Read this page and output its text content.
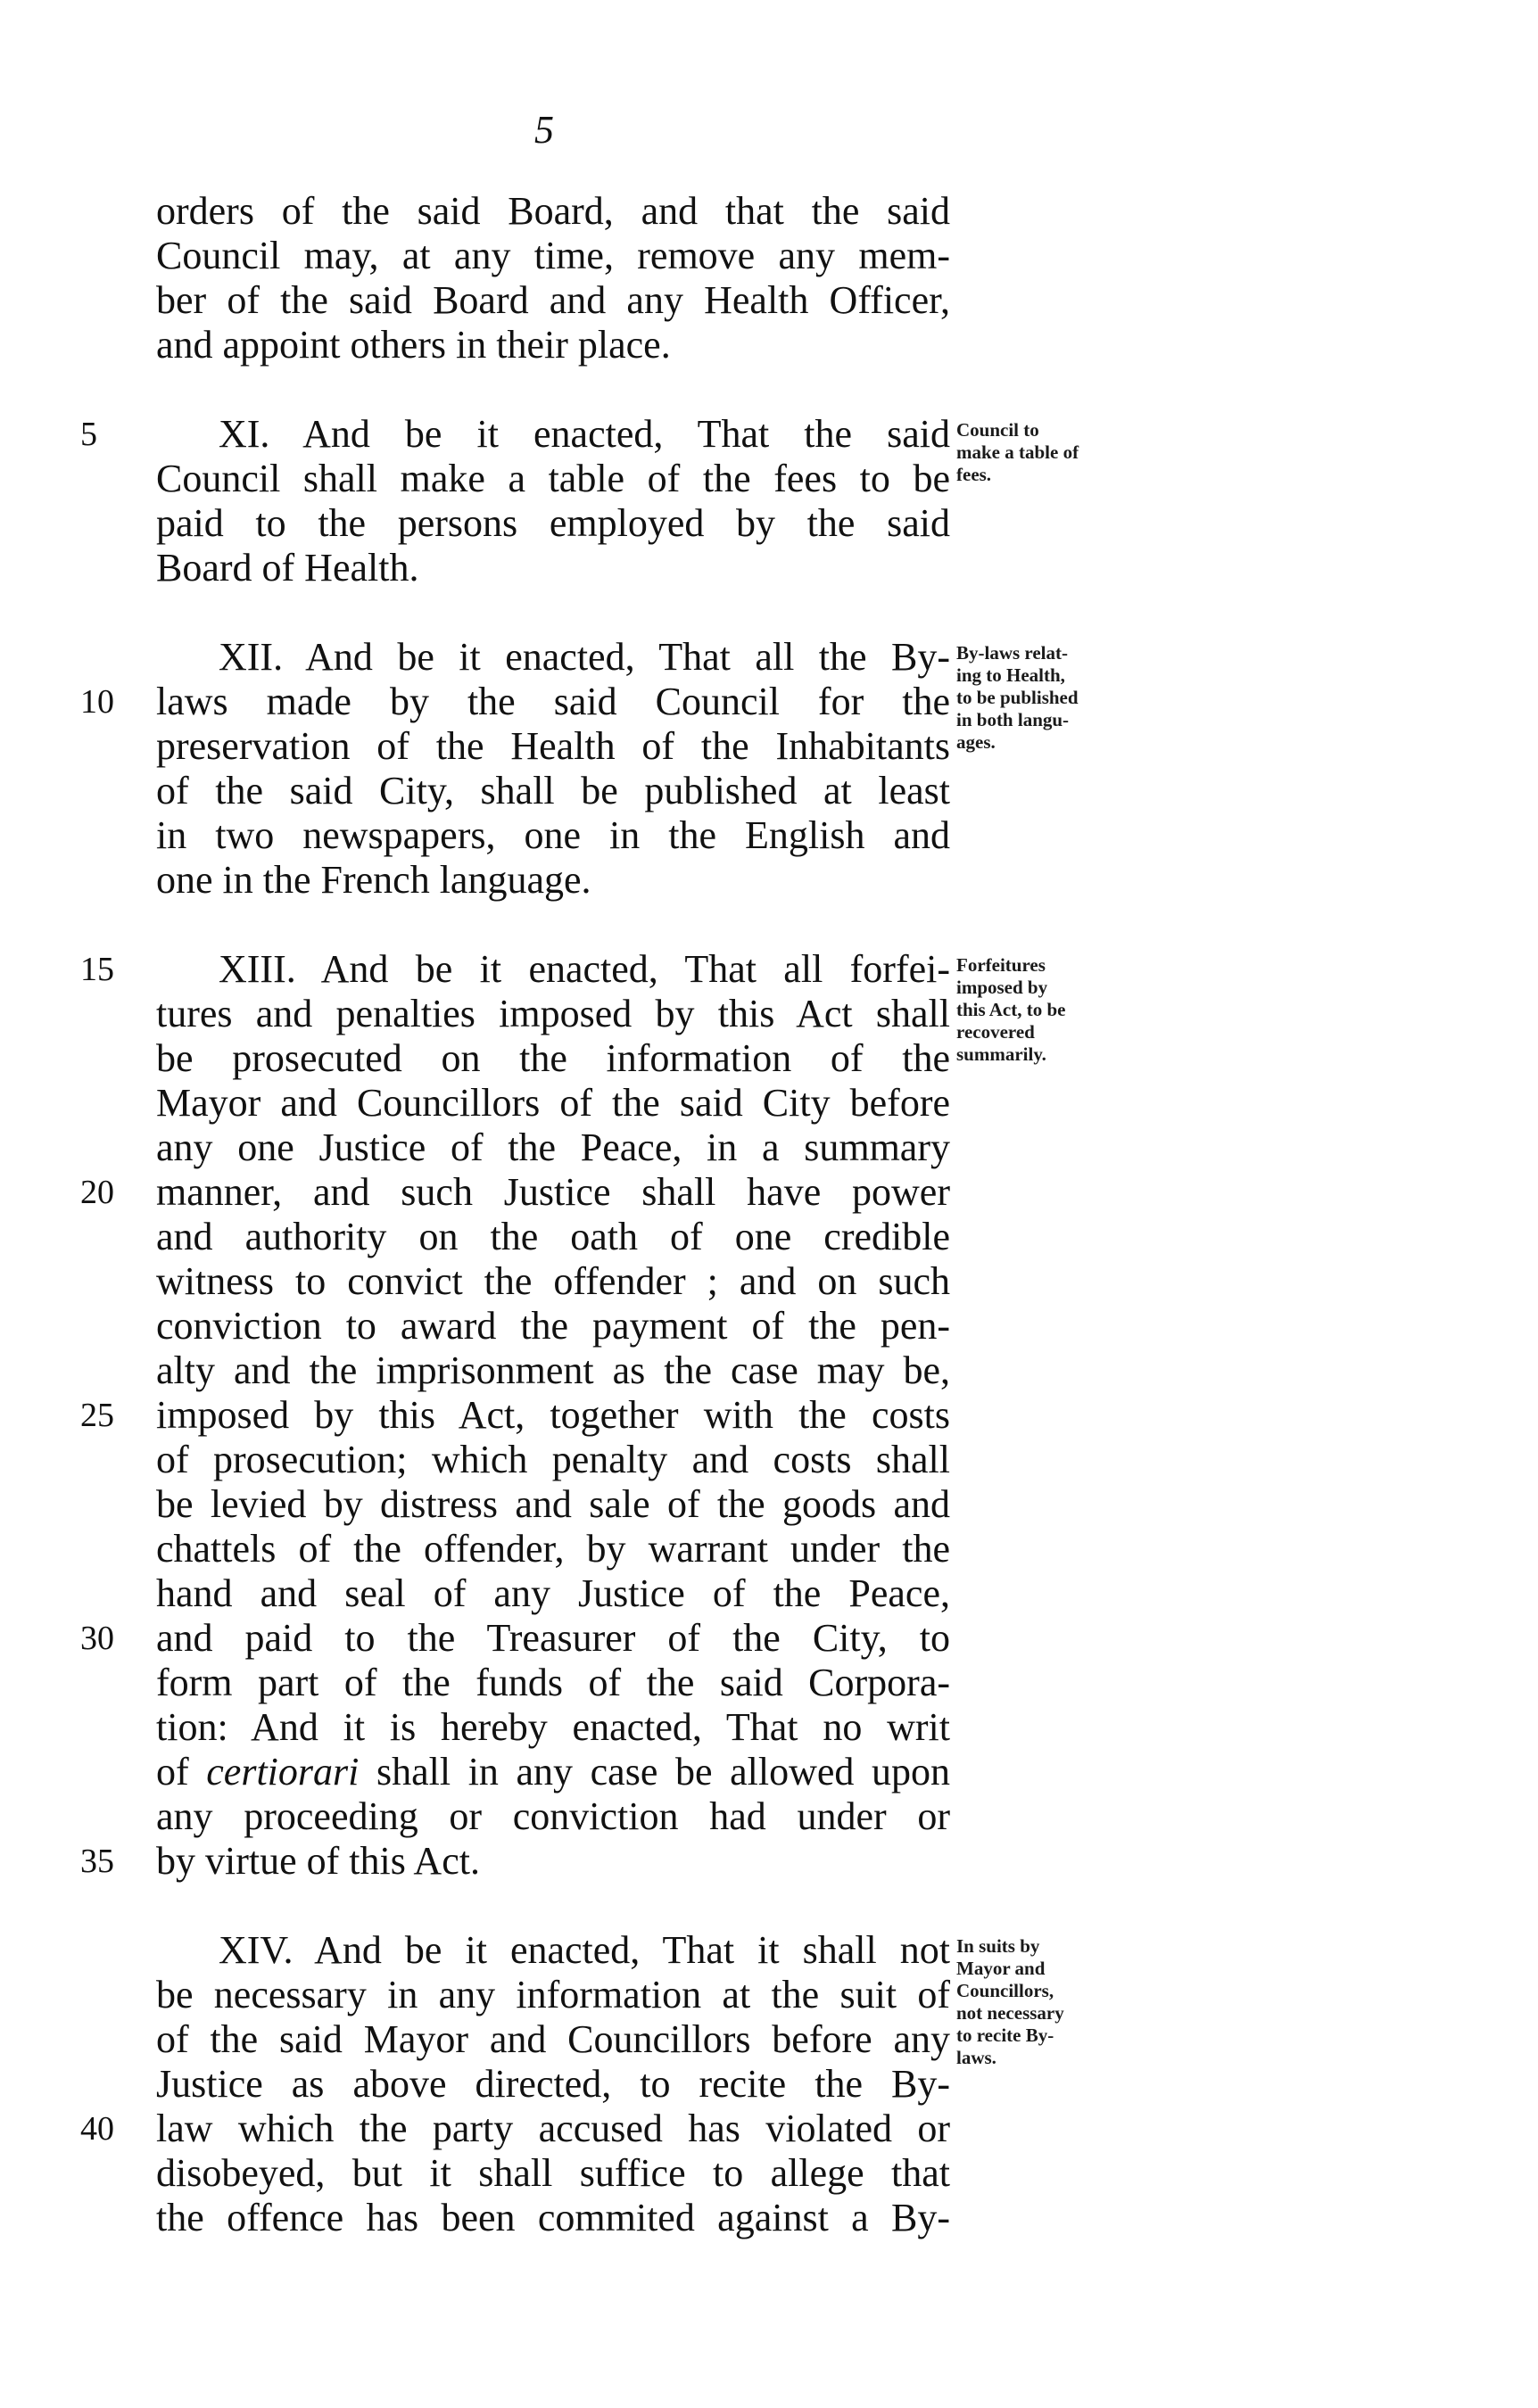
5
orders of the said Board, and that the said
Council may, at any time, remove any mem-
ber of the said Board and any Health Officer,
and appoint others in their place.
XI. And be it enacted, That the said
Council shall make a table of the fees to be
paid to the persons employed by the said
Board of Health.
Council to
make a table of
fees.
XII. And be it enacted, That all the By-
laws made by the said Council for the
preservation of the Health of the Inhabitants
of the said City, shall be published at least
in two newspapers, one in the English and
one in the French language.
By-laws relat-
ing to Health,
to be published
in both langu-
ages.
XIII. And be it enacted, That all forfei-
tures and penalties imposed by this Act shall
be prosecuted on the information of the
Mayor and Councillors of the said City before
any one Justice of the Peace, in a summary
manner, and such Justice shall have power
and authority on the oath of one credible
witness to convict the offender ; and on such
conviction to award the payment of the pen-
alty and the imprisonment as the case may be,
imposed by this Act, together with the costs
of prosecution; which penalty and costs shall
be levied by distress and sale of the goods and
chattels of the offender, by warrant under the
hand and seal of any Justice of the Peace,
and paid to the Treasurer of the City, to
form part of the funds of the said Corpora-
tion: And it is hereby enacted, That no writ
of certiorari shall in any case be allowed upon
any proceeding or conviction had under or
by virtue of this Act.
Forfeitures
imposed by
this Act, to be
recovered
summarily.
XIV. And be it enacted, That it shall not
be necessary in any information at the suit of
of the said Mayor and Councillors before any
Justice as above directed, to recite the By-
law which the party accused has violated or
disobeyed, but it shall suffice to allege that
the offence has been commited against a By-
In suits by
Mayor and
Councillors,
not necessary
to recite By-
laws.
5
10
15
20
25
30
35
40
